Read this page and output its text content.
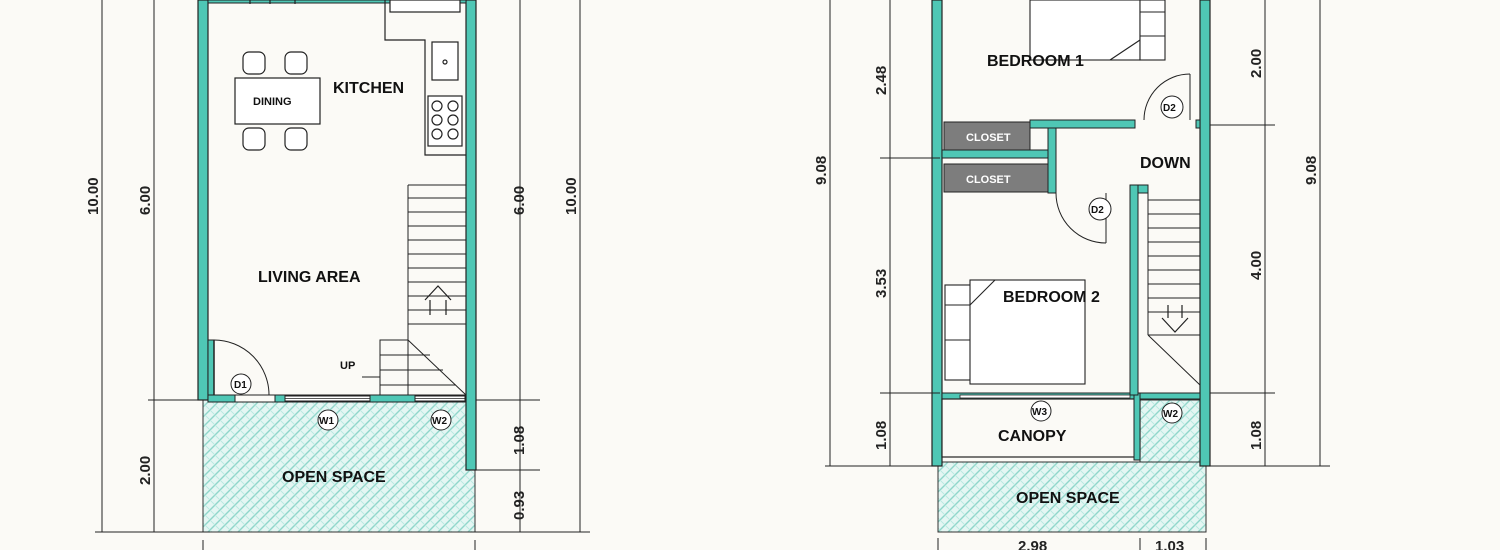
KITCHEN
DINING
LIVING AREA
UP
OPEN SPACE
D1
W1	W2
10.00 6.00
2.00
6.00 10.00
1.08
0.93
BEDROOM 1
BEDROOM 2
CLOSET
CLOSET
DOWN
CANOPY
OPEN SPACE
D2
D2
W3	W2
9.08
2.48
3.53
1.08
2.00
9.08
4.00
1.08
2.98	1.03
